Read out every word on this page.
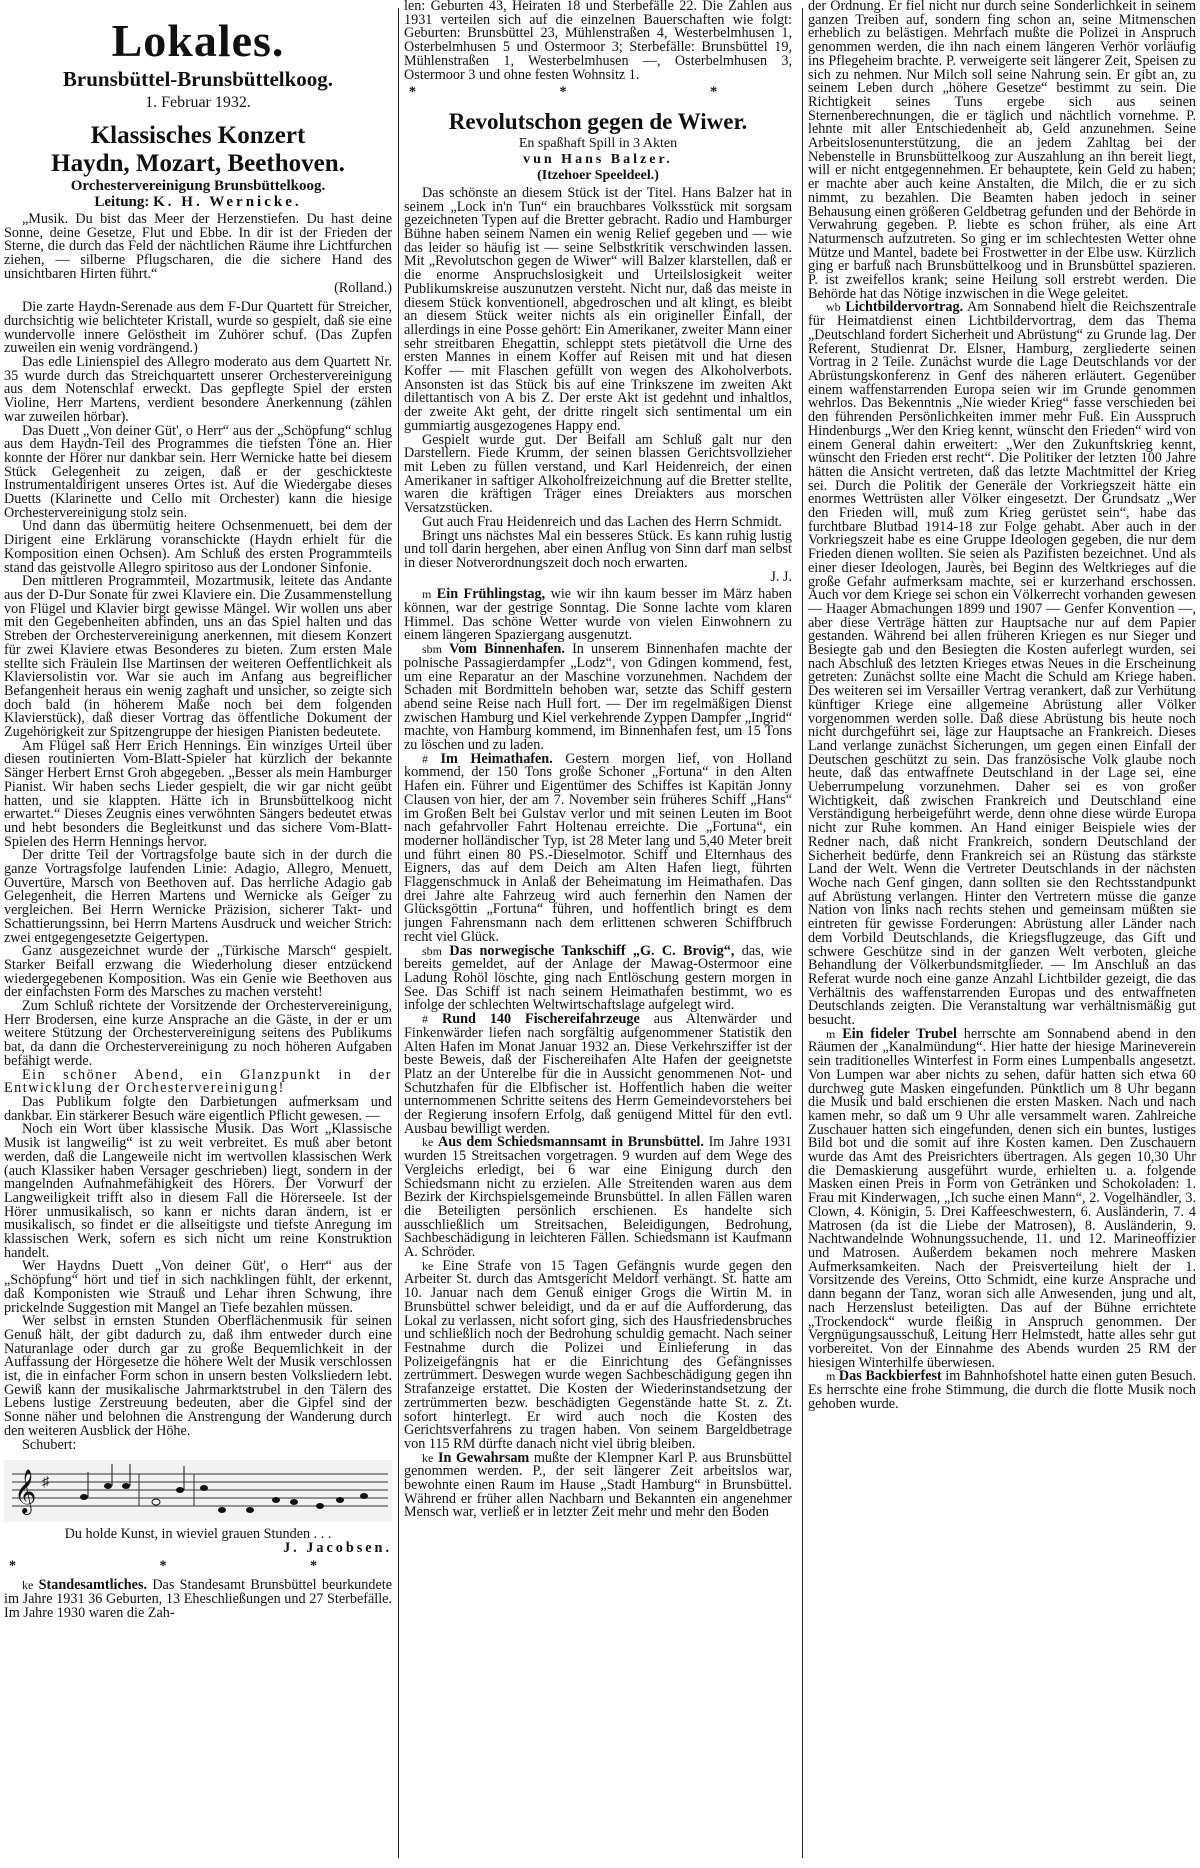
Lokales.
Brunsbüttel-Brunsbüttelkoog.
1. Februar 1932.
Klassisches Konzert
Haydn, Mozart, Beethoven.
Orchestervereinigung Brunsbüttelkoog.
Leitung: K. H. Wernicke.

„Musik. Du bist das Meer der Herzenstiefen. Du hast deine Sonne, deine Gesetze, Flut und Ebbe. In dir ist der Frieden der Sterne, die durch das Feld der nächtlichen Räume ihre Lichtfurchen ziehen, — silberne Pflugscharen, die die sichere Hand des unsichtbaren Hirten führt.“

(Rolland.)

Die zarte Haydn-Serenade aus dem F-Dur Quartett für Streicher, durchsichtig wie belichteter Kristall, wurde so gespielt, daß sie eine wundervolle innere Gelöstheit im Zuhörer schuf. (Das Zupfen zuweilen ein wenig vordrängend.)

Das edle Linienspiel des Allegro moderato aus dem Quartett Nr. 35 wurde durch das Streichquartett unserer Orchestervereinigung aus dem Notenschlaf erweckt. Das gepflegte Spiel der ersten Violine, Herr Martens, verdient besondere Anerkennung (zählen war zuweilen hörbar).

Das Duett „Von deiner Güt', o Herr“ aus der „Schöpfung“ schlug aus dem Haydn-Teil des Programmes die tiefsten Töne an. Hier konnte der Hörer nur dankbar sein. Herr Wernicke hatte bei diesem Stück Gelegenheit zu zeigen, daß er der geschickteste Instrumentaldirigent unseres Ortes ist. Auf die Wiedergabe dieses Duetts (Klarinette und Cello mit Orchester) kann die hiesige Orchestervereinigung stolz sein.

Und dann das übermütig heitere Ochsenmenuett, bei dem der Dirigent eine Erklärung voranschickte (Haydn erhielt für die Komposition einen Ochsen). Am Schluß des ersten Programmteils stand das geistvolle Allegro spiritoso aus der Londoner Sinfonie.

Den mittleren Programmteil, Mozartmusik, leitete das Andante aus der D-Dur Sonate für zwei Klaviere ein. Die Zusammenstellung von Flügel und Klavier birgt gewisse Mängel. Wir wollen uns aber mit den Gegebenheiten abfinden, uns an das Spiel halten und das Streben der Orchestervereinigung anerkennen, mit diesem Konzert für zwei Klaviere etwas Besonderes zu bieten. Zum ersten Male stellte sich Fräulein Ilse Martinsen der weiteren Oeffentlichkeit als Klaviersolistin vor. War sie auch im Anfang aus begreiflicher Befangenheit heraus ein wenig zaghaft und unsicher, so zeigte sich doch bald (in höherem Maße noch bei dem folgenden Klavierstück), daß dieser Vortrag das öffentliche Dokument der Zugehörigkeit zur Spitzengruppe der hiesigen Pianisten bedeutete.

Am Flügel saß Herr Erich Hennings. Ein winziges Urteil über diesen routinierten Vom-Blatt-Spieler hat kürzlich der bekannte Sänger Herbert Ernst Groh abgegeben. „Besser als mein Hamburger Pianist. Wir haben sechs Lieder gespielt, die wir gar nicht geübt hatten, und sie klappten. Hätte ich in Brunsbüttelkoog nicht erwartet.“ Dieses Zeugnis eines verwöhnten Sängers bedeutet etwas und hebt besonders die Begleitkunst und das sichere Vom-Blatt-Spielen des Herrn Hennings hervor.

Der dritte Teil der Vortragsfolge baute sich in der durch die ganze Vortragsfolge laufenden Linie: Adagio, Allegro, Menuett, Ouvertüre, Marsch von Beethoven auf. Das herrliche Adagio gab Gelegenheit, die Herren Martens und Wernicke als Geiger zu vergleichen. Bei Herrn Wernicke Präzision, sicherer Takt- und Schattierungssinn, bei Herrn Martens Ausdruck und weicher Strich: zwei entgegengesetzte Geigertypen.

Ganz ausgezeichnet wurde der „Türkische Marsch“ gespielt. Starker Beifall erzwang die Wiederholung dieser entzückend wiedergegebenen Komposition. Was ein Genie wie Beethoven aus der einfachsten Form des Marsches zu machen versteht!

Zum Schluß richtete der Vorsitzende der Orchestervereinigung, Herr Brodersen, eine kurze Ansprache an die Gäste, in der er um weitere Stützung der Orchestervereinigung seitens des Publikums bat, da dann die Orchestervereinigung zu noch höheren Aufgaben befähigt werde.

Ein schöner Abend, ein Glanzpunkt in der Entwicklung der Orchestervereinigung!

Das Publikum folgte den Darbietungen aufmerksam und dankbar. Ein stärkerer Besuch wäre eigentlich Pflicht gewesen. —

Noch ein Wort über klassische Musik. Das Wort „Klassische Musik ist langweilig“ ist zu weit verbreitet. Es muß aber betont werden, daß die Langeweile nicht im wertvollen klassischen Werk (auch Klassiker haben Versager geschrieben) liegt, sondern in der mangelnden Aufnahmefähigkeit des Hörers. Der Vorwurf der Langweiligkeit trifft also in diesem Fall die Hörerseele. Ist der Hörer unmusikalisch, so kann er nichts daran ändern, ist er musikalisch, so findet er die allseitigste und tiefste Anregung im klassischen Werk, sofern es sich nicht um reine Konstruktion handelt.

Wer Haydns Duett „Von deiner Güt', o Herr“ aus der „Schöpfung“ hört und tief in sich nachklingen fühlt, der erkennt, daß Komponisten wie Strauß und Lehar ihren Schwung, ihre prickelnde Suggestion mit Mangel an Tiefe bezahlen müssen.

Wer selbst in ernsten Stunden Oberflächenmusik für seinen Genuß hält, der gibt dadurch zu, daß ihm entweder durch eine Naturanlage oder durch gar zu große Bequemlichkeit in der Auffassung der Hörgesetze die höhere Welt der Musik verschlossen ist, die in einfacher Form schon in unsern besten Volksliedern lebt. Gewiß kann der musikalische Jahrmarktstrubel in den Tälern des Lebens lustige Zerstreuung bedeuten, aber die Gipfel sind der Sonne näher und belohnen die Anstrengung der Wanderung durch den weiteren Ausblick der Höhe.

Schubert:

𝄞 ♯

Du holde Kunst, in wieviel grauen Stunden . . .

J. Jacobsen.
* * *

ke Standesamtliches. Das Standesamt Brunsbüttel beurkundete im Jahre 1931 36 Geburten, 13 Eheschließungen und 27 Sterbefälle. Im Jahre 1930 waren die Zah-

len: Geburten 43, Heiraten 18 und Sterbefälle 22. Die Zahlen aus 1931 verteilen sich auf die einzelnen Bauerschaften wie folgt: Geburten: Brunsbüttel 23, Mühlenstraßen 4, Westerbelmhusen 1, Osterbelmhusen 5 und Ostermoor 3; Sterbefälle: Brunsbüttel 19, Mühlenstraßen 1, Westerbelmhusen —, Osterbelmhusen 3, Ostermoor 3 und ohne festen Wohnsitz 1.

* * *
Revolutschon gegen de Wiwer.
En spaßhaft Spill in 3 Akten
vun Hans Balzer.
(Itzehoer Speeldeel.)

Das schönste an diesem Stück ist der Titel. Hans Balzer hat in seinem „Lock in'n Tun“ ein brauchbares Volksstück mit sorgsam gezeichneten Typen auf die Bretter gebracht. Radio und Hamburger Bühne haben seinem Namen ein wenig Relief gegeben und — wie das leider so häufig ist — seine Selbstkritik verschwinden lassen. Mit „Revolutschon gegen de Wiwer“ will Balzer klarstellen, daß er die enorme Anspruchslosigkeit und Urteilslosigkeit weiter Publikumskreise auszunutzen versteht. Nicht nur, daß das meiste in diesem Stück konventionell, abgedroschen und alt klingt, es bleibt an diesem Stück weiter nichts als ein origineller Einfall, der allerdings in eine Posse gehört: Ein Amerikaner, zweiter Mann einer sehr streitbaren Ehegattin, schleppt stets pietätvoll die Urne des ersten Mannes in einem Koffer auf Reisen mit und hat diesen Koffer — mit Flaschen gefüllt von wegen des Alkoholverbots. Ansonsten ist das Stück bis auf eine Trinkszene im zweiten Akt dilettantisch von A bis Z. Der erste Akt ist gedehnt und inhaltlos, der zweite Akt geht, der dritte ringelt sich sentimental um ein gummiartig ausgezogenes Happy end.

Gespielt wurde gut. Der Beifall am Schluß galt nur den Darstellern. Fiede Krumm, der seinen blassen Gerichtsvollzieher mit Leben zu füllen verstand, und Karl Heidenreich, der einen Amerikaner in saftiger Alkoholfreizeichnung auf die Bretter stellte, waren die kräftigen Träger eines Dreiakters aus morschen Versatzstücken.

Gut auch Frau Heidenreich und das Lachen des Herrn Schmidt.

Bringt uns nächstes Mal ein besseres Stück. Es kann ruhig lustig und toll darin hergehen, aber einen Anflug von Sinn darf man selbst in dieser Notverordnungszeit doch noch erwarten.

J. J.

m Ein Frühlingstag, wie wir ihn kaum besser im März haben können, war der gestrige Sonntag. Die Sonne lachte vom klaren Himmel. Das schöne Wetter wurde von vielen Einwohnern zu einem längeren Spaziergang ausgenutzt.

sbm Vom Binnenhafen. In unserem Binnenhafen machte der polnische Passagierdampfer „Lodz“, von Gdingen kommend, fest, um eine Reparatur an der Maschine vorzunehmen. Nachdem der Schaden mit Bordmitteln behoben war, setzte das Schiff gestern abend seine Reise nach Hull fort. — Der im regelmäßigen Dienst zwischen Hamburg und Kiel verkehrende Zyppen Dampfer „Ingrid“ machte, von Hamburg kommend, im Binnenhafen fest, um 15 Tons zu löschen und zu laden.

# Im Heimathafen. Gestern morgen lief, von Holland kommend, der 150 Tons große Schoner „Fortuna“ in den Alten Hafen ein. Führer und Eigentümer des Schiffes ist Kapitän Jonny Clausen von hier, der am 7. November sein früheres Schiff „Hans“ im Großen Belt bei Gulstav verlor und mit seinen Leuten im Boot nach gefahrvoller Fahrt Holtenau erreichte. Die „Fortuna“, ein moderner holländischer Typ, ist 28 Meter lang und 5,40 Meter breit und führt einen 80 PS.-Dieselmotor. Schiff und Elternhaus des Eigners, das auf dem Deich am Alten Hafen liegt, führten Flaggenschmuck in Anlaß der Beheimatung im Heimathafen. Das drei Jahre alte Fahrzeug wird auch fernerhin den Namen der Glücksgöttin „Fortuna“ führen, und hoffentlich bringt es dem jungen Fahrensmann nach dem erlittenen schweren Schiffbruch recht viel Glück.

sbm Das norwegische Tankschiff „G. C. Brovig“, das, wie bereits gemeldet, auf der Anlage der Mawag-Ostermoor eine Ladung Rohöl löschte, ging nach Entlöschung gestern morgen in See. Das Schiff ist nach seinem Heimathafen bestimmt, wo es infolge der schlechten Weltwirtschaftslage aufgelegt wird.

# Rund 140 Fischereifahrzeuge aus Altenwärder und Finkenwärder liefen nach sorgfältig aufgenommener Statistik den Alten Hafen im Monat Januar 1932 an. Diese Verkehrsziffer ist der beste Beweis, daß der Fischereihafen Alte Hafen der geeignetste Platz an der Unterelbe für die in Aussicht genommenen Not- und Schutzhafen für die Elbfischer ist. Hoffentlich haben die weiter unternommenen Schritte seitens des Herrn Gemeindevorstehers bei der Regierung insofern Erfolg, daß genügend Mittel für den evtl. Ausbau bewilligt werden.

ke Aus dem Schiedsmannsamt in Brunsbüttel. Im Jahre 1931 wurden 15 Streitsachen vorgetragen. 9 wurden auf dem Wege des Vergleichs erledigt, bei 6 war eine Einigung durch den Schiedsmann nicht zu erzielen. Alle Streitenden waren aus dem Bezirk der Kirchspielsgemeinde Brunsbüttel. In allen Fällen waren die Beteiligten persönlich erschienen. Es handelte sich ausschließlich um Streitsachen, Beleidigungen, Bedrohung, Sachbeschädigung in leichteren Fällen. Schiedsmann ist Kaufmann A. Schröder.

ke Eine Strafe von 15 Tagen Gefängnis wurde gegen den Arbeiter St. durch das Amtsgericht Meldorf verhängt. St. hatte am 10. Januar nach dem Genuß einiger Grogs die Wirtin M. in Brunsbüttel schwer beleidigt, und da er auf die Aufforderung, das Lokal zu verlassen, nicht sofort ging, sich des Hausfriedensbruches und schließlich noch der Bedrohung schuldig gemacht. Nach seiner Festnahme durch die Polizei und Einlieferung in das Polizeigefängnis hat er die Einrichtung des Gefängnisses zertrümmert. Deswegen wurde wegen Sachbeschädigung gegen ihn Strafanzeige erstattet. Die Kosten der Wiederinstandsetzung der zertrümmerten bezw. beschädigten Gegenstände hatte St. z. Zt. sofort hinterlegt. Er wird auch noch die Kosten des Gerichtsverfahrens zu tragen haben. Von seinem Bargeldbetrage von 115 RM dürfte danach nicht viel übrig bleiben.

ke In Gewahrsam mußte der Klempner Karl P. aus Brunsbüttel genommen werden. P., der seit längerer Zeit arbeitslos war, bewohnte einen Raum im Hause „Stadt Hamburg“ in Brunsbüttel. Während er früher allen Nachbarn und Bekannten ein angenehmer Mensch war, verließ er in letzter Zeit mehr und mehr den Boden

der Ordnung. Er fiel nicht nur durch seine Sonderlichkeit in seinem ganzen Treiben auf, sondern fing schon an, seine Mitmenschen erheblich zu belästigen. Mehrfach mußte die Polizei in Anspruch genommen werden, die ihn nach einem längeren Verhör vorläufig ins Pflegeheim brachte. P. verweigerte seit längerer Zeit, Speisen zu sich zu nehmen. Nur Milch soll seine Nahrung sein. Er gibt an, zu seinem Leben durch „höhere Gesetze“ bestimmt zu sein. Die Richtigkeit seines Tuns ergebe sich aus seinen Sternenberechnungen, die er täglich und nächtlich vornehme. P. lehnte mit aller Entschiedenheit ab, Geld anzunehmen. Seine Arbeitslosenunterstützung, die an jedem Zahltag bei der Nebenstelle in Brunsbüttelkoog zur Auszahlung an ihn bereit liegt, will er nicht entgegennehmen. Er behauptete, kein Geld zu haben; er machte aber auch keine Anstalten, die Milch, die er zu sich nimmt, zu bezahlen. Die Beamten haben jedoch in seiner Behausung einen größeren Geldbetrag gefunden und der Behörde in Verwahrung gegeben. P. liebte es schon früher, als eine Art Naturmensch aufzutreten. So ging er im schlechtesten Wetter ohne Mütze und Mantel, badete bei Frostwetter in der Elbe usw. Kürzlich ging er barfuß nach Brunsbüttelkoog und in Brunsbüttel spazieren. P. ist zweifellos krank; seine Heilung soll erstrebt werden. Die Behörde hat das Nötige inzwischen in die Wege geleitet.

wb Lichtbildervortrag. Am Sonnabend hielt die Reichszentrale für Heimatdienst einen Lichtbildervortrag, dem das Thema „Deutschland fordert Sicherheit und Abrüstung“ zu Grunde lag. Der Referent, Studienrat Dr. Elsner, Hamburg, zergliederte seinen Vortrag in 2 Teile. Zunächst wurde die Lage Deutschlands vor der Abrüstungskonferenz in Genf des näheren erläutert. Gegenüber einem waffenstarrenden Europa seien wir im Grunde genommen wehrlos. Das Bekenntnis „Nie wieder Krieg“ fasse verschieden bei den führenden Persönlichkeiten immer mehr Fuß. Ein Ausspruch Hindenburgs „Wer den Krieg kennt, wünscht den Frieden“ wird von einem General dahin erweitert: „Wer den Zukunftskrieg kennt, wünscht den Frieden erst recht“. Die Politiker der letzten 100 Jahre hätten die Ansicht vertreten, daß das letzte Machtmittel der Krieg sei. Durch die Politik der Generäle der Vorkriegszeit hätte ein enormes Wettrüsten aller Völker eingesetzt. Der Grundsatz „Wer den Frieden will, muß zum Krieg gerüstet sein“, habe das furchtbare Blutbad 1914-18 zur Folge gehabt. Aber auch in der Vorkriegszeit habe es eine Gruppe Ideologen gegeben, die nur dem Frieden dienen wollten. Sie seien als Pazifisten bezeichnet. Und als einer dieser Ideologen, Jaurès, bei Beginn des Weltkrieges auf die große Gefahr aufmerksam machte, sei er kurzerhand erschossen. Auch vor dem Kriege sei schon ein Völkerrecht vorhanden gewesen — Haager Abmachungen 1899 und 1907 — Genfer Konvention —, aber diese Verträge hätten zur Hauptsache nur auf dem Papier gestanden. Während bei allen früheren Kriegen es nur Sieger und Besiegte gab und den Besiegten die Kosten auferlegt wurden, sei nach Abschluß des letzten Krieges etwas Neues in die Erscheinung getreten: Zunächst sollte eine Macht die Schuld am Kriege haben. Des weiteren sei im Versailler Vertrag verankert, daß zur Verhütung künftiger Kriege eine allgemeine Abrüstung aller Völker vorgenommen werden solle. Daß diese Abrüstung bis heute noch nicht durchgeführt sei, läge zur Hauptsache an Frankreich. Dieses Land verlange zunächst Sicherungen, um gegen einen Einfall der Deutschen geschützt zu sein. Das französische Volk glaube noch heute, daß das entwaffnete Deutschland in der Lage sei, eine Ueberrumpelung vorzunehmen. Daher sei es von großer Wichtigkeit, daß zwischen Frankreich und Deutschland eine Verständigung herbeigeführt werde, denn ohne diese würde Europa nicht zur Ruhe kommen. An Hand einiger Beispiele wies der Redner nach, daß nicht Frankreich, sondern Deutschland der Sicherheit bedürfe, denn Frankreich sei an Rüstung das stärkste Land der Welt. Wenn die Vertreter Deutschlands in der nächsten Woche nach Genf gingen, dann sollten sie den Rechtsstandpunkt auf Abrüstung verlangen. Hinter den Vertretern müsse die ganze Nation von links nach rechts stehen und gemeinsam müßten sie eintreten für gewisse Forderungen: Abrüstung aller Länder nach dem Vorbild Deutschlands, die Kriegsflugzeuge, das Gift und schwere Geschütze sind in der ganzen Welt verboten, gleiche Behandlung der Völkerbundsmitglieder. — Im Anschluß an das Referat wurde noch eine ganze Anzahl Lichtbilder gezeigt, die das Verhältnis des waffenstarrenden Europas und des entwaffneten Deutschlands zeigten. Die Veranstaltung war verhältnismäßig gut besucht.

m Ein fideler Trubel herrschte am Sonnabend abend in den Räumen der „Kanalmündung“. Hier hatte der hiesige Marineverein sein traditionelles Winterfest in Form eines Lumpenballs angesetzt. Von Lumpen war aber nichts zu sehen, dafür hatten sich etwa 60 durchweg gute Masken eingefunden. Pünktlich um 8 Uhr begann die Musik und bald erschienen die ersten Masken. Nach und nach kamen mehr, so daß um 9 Uhr alle versammelt waren. Zahlreiche Zuschauer hatten sich eingefunden, denen sich ein buntes, lustiges Bild bot und die somit auf ihre Kosten kamen. Den Zuschauern wurde das Amt des Preisrichters übertragen. Als gegen 10,30 Uhr die Demaskierung ausgeführt wurde, erhielten u. a. folgende Masken einen Preis in Form von Getränken und Schokoladen: 1. Frau mit Kinderwagen, „Ich suche einen Mann“, 2. Vogelhändler, 3. Clown, 4. Königin, 5. Drei Kaffeeschwestern, 6. Ausländerin, 7. 4 Matrosen (da ist die Liebe der Matrosen), 8. Ausländerin, 9. Nachtwandelnde Wohnungssuchende, 11. und 12. Marineoffizier und Matrosen. Außerdem bekamen noch mehrere Masken Aufmerksamkeiten. Nach der Preisverteilung hielt der 1. Vorsitzende des Vereins, Otto Schmidt, eine kurze Ansprache und dann begann der Tanz, woran sich alle Anwesenden, jung und alt, nach Herzenslust beteiligten. Das auf der Bühne errichtete „Trockendock“ wurde fleißig in Anspruch genommen. Der Vergnügungsausschuß, Leitung Herr Helmstedt, hatte alles sehr gut vorbereitet. Von der Einnahme des Abends wurden 25 RM der hiesigen Winterhilfe überwiesen.

m Das Backbierfest im Bahnhofshotel hatte einen guten Besuch. Es herrschte eine frohe Stimmung, die durch die flotte Musik noch gehoben wurde.
